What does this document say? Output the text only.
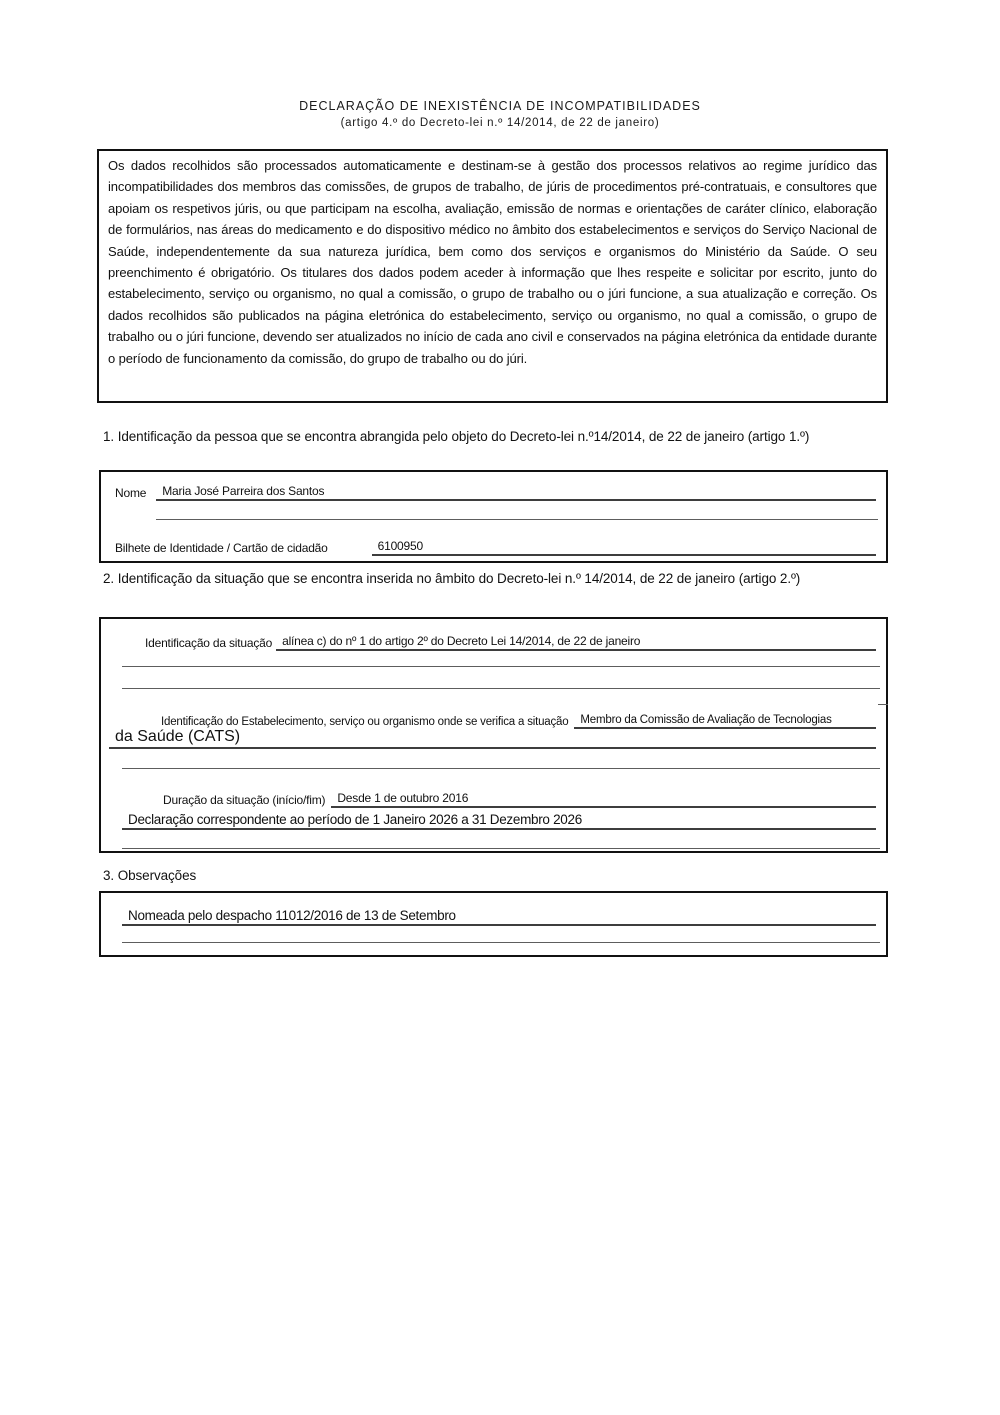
DECLARAÇÃO DE INEXISTÊNCIA DE INCOMPATIBILIDADES
(artigo 4.º do Decreto-lei n.º 14/2014, de 22 de janeiro)

Os dados recolhidos são processados automaticamente e destinam-se à gestão dos processos relativos ao regime jurídico das incompatibilidades dos membros das comissões, de grupos de trabalho, de júris de procedimentos pré-contratuais, e consultores que apoiam os respetivos júris, ou que participam na escolha, avaliação, emissão de normas e orientações de caráter clínico, elaboração de formulários, nas áreas do medicamento e do dispositivo médico no âmbito dos estabelecimentos e serviços do Serviço Nacional de Saúde, independentemente da sua natureza jurídica, bem como dos serviços e organismos do Ministério da Saúde. O seu preenchimento é obrigatório. Os titulares dos dados podem aceder à informação que lhes respeite e solicitar por escrito, junto do estabelecimento, serviço ou organismo, no qual a comissão, o grupo de trabalho ou o júri funcione, a sua atualização e correção. Os dados recolhidos são publicados na página eletrónica do estabelecimento, serviço ou organismo, no qual a comissão, o grupo de trabalho ou o júri funcione, devendo ser atualizados no início de cada ano civil e conservados na página eletrónica da entidade durante o período de funcionamento da comissão, do grupo de trabalho ou do júri.

1. Identificação da pessoa que se encontra abrangida pelo objeto do Decreto-lei n.º14/2014, de 22 de janeiro (artigo 1.º)
Nome	Maria José Parreira dos Santos
Bilhete de Identidade / Cartão de cidadão	6100950
2. Identificação da situação que se encontra inserida no âmbito do Decreto-lei n.º 14/2014, de 22 de janeiro (artigo 2.º)
Identificação da situação alínea c) do nº 1 do artigo 2º do Decreto Lei 14/2014, de 22 de janeiro
Identificação do Estabelecimento, serviço ou organismo onde se verifica a situação	Membro da Comissão de Avaliação de Tecnologias
da Saúde (CATS)
Duração da situação (início/fim)	Desde 1 de outubro 2016
Declaração correspondente ao período de 1 Janeiro 2026 a 31 Dezembro 2026
3. Observações
Nomeada pelo despacho 11012/2016 de 13 de Setembro
